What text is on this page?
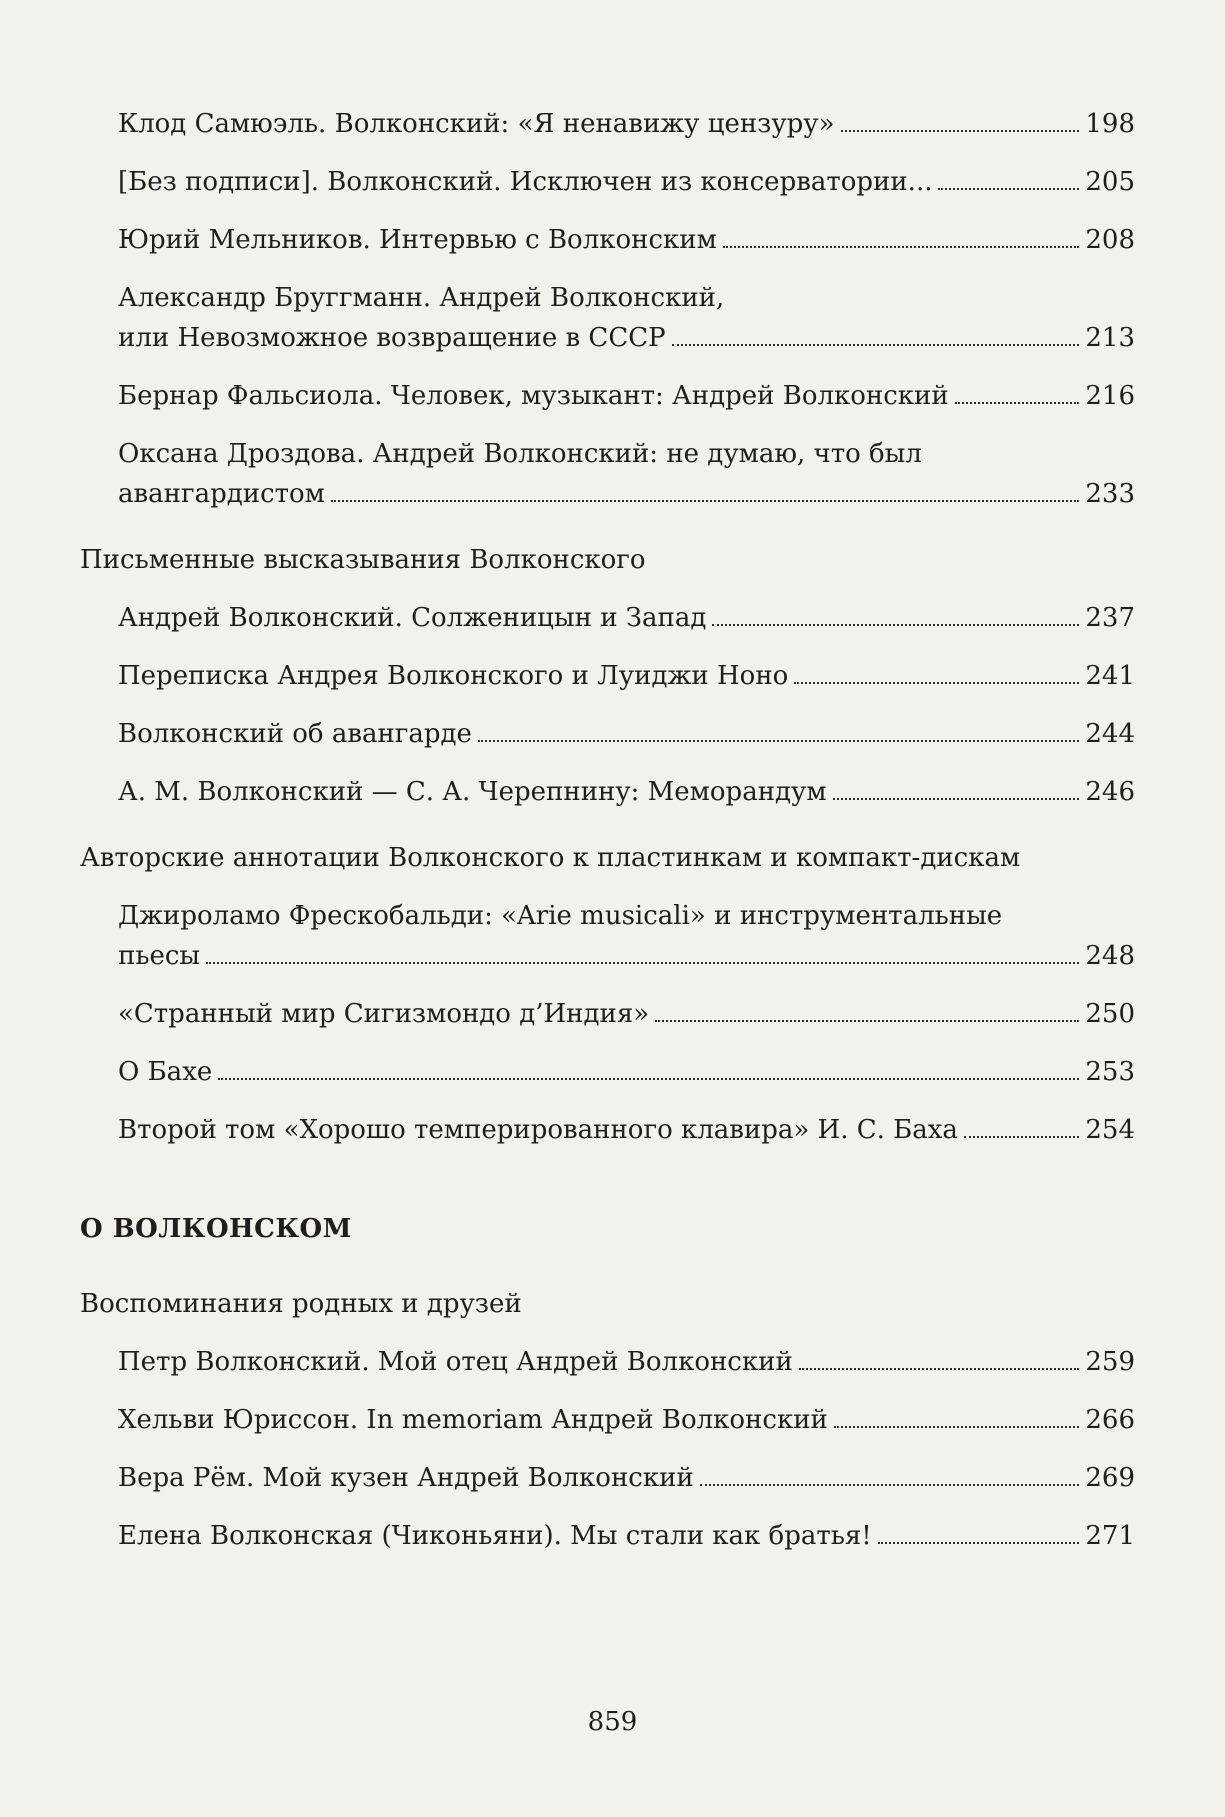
Клод Самюэль. Волконский: «Я ненавижу цензуру»	198
[Без подписи]. Волконский. Исключен из консерватории...	205
Юрий Мельников. Интервью с Волконским	208
Александр Бруггманн. Андрей Волконский,
или Невозможное возвращение в СССР	213
Бернар Фальсиола. Человек, музыкант: Андрей Волконский	216
Оксана Дроздова. Андрей Волконский: не думаю, что был
авангардистом	233
Письменные высказывания Волконского
Андрей Волконский. Солженицын и Запад	237
Переписка Андрея Волконского и Луиджи Ноно	241
Волконский об авангарде	244
А. М. Волконский — С. А. Черепнину: Меморандум	246
Авторские аннотации Волконского к пластинкам и компакт-дискам
Джироламо Фрескобальди: «Arie musicali» и инструментальные
пьесы	248
«Странный мир Сигизмондо д’Индия»	250
О Бахе	253
Второй том «Хорошо темперированного клавира» И. С. Баха	254
О ВОЛКОНСКОМ
Воспоминания родных и друзей
Петр Волконский. Мой отец Андрей Волконский	259
Хельви Юриссон. In memoriam Андрей Волконский	266
Вера Рём. Мой кузен Андрей Волконский	269
Елена Волконская (Чиконьяни). Мы стали как братья!	271
859
